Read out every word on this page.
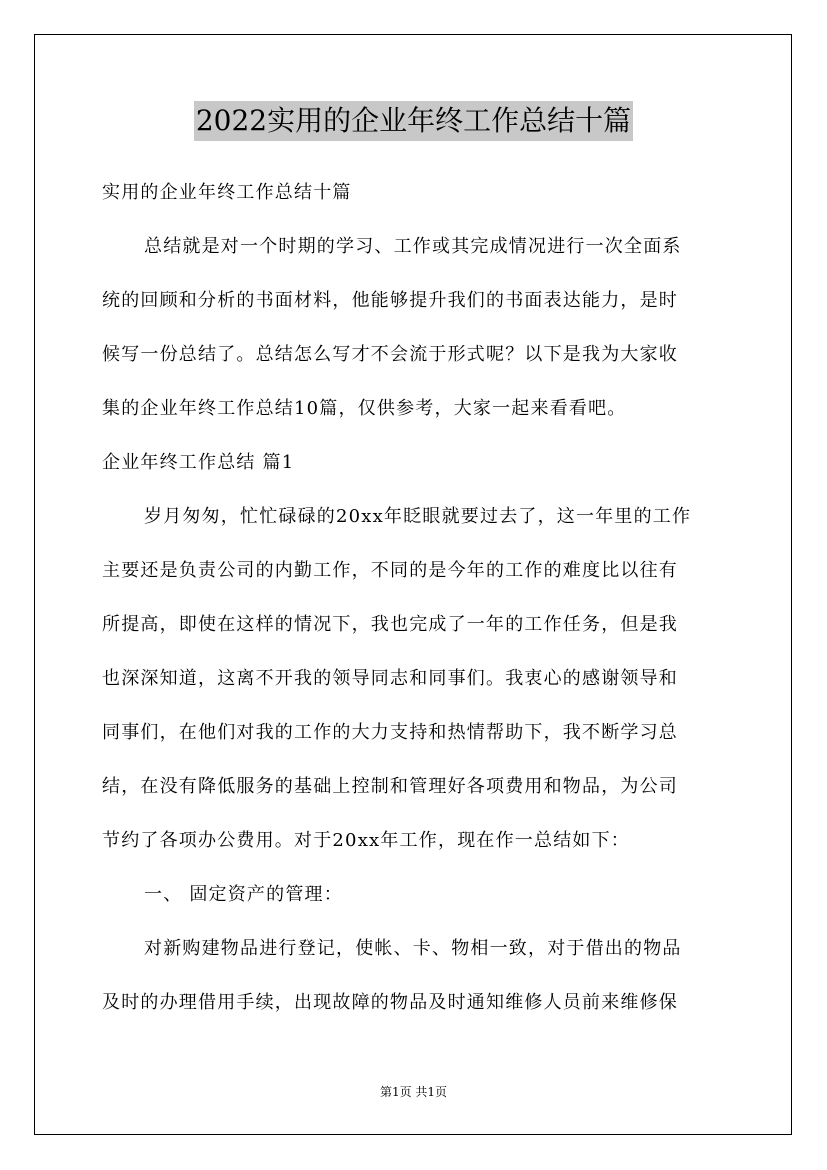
2022实用的企业年终工作总结十篇
实用的企业年终工作总结十篇
总结就是对一个时期的学习、工作或其完成情况进行一次全面系
统的回顾和分析的书面材料，他能够提升我们的书面表达能力，是时
候写一份总结了。总结怎么写才不会流于形式呢？以下是我为大家收
集的企业年终工作总结10篇，仅供参考，大家一起来看看吧。
企业年终工作总结 篇1
岁月匆匆，忙忙碌碌的20xx年眨眼就要过去了，这一年里的工作
主要还是负责公司的内勤工作，不同的是今年的工作的难度比以往有
所提高，即使在这样的情况下，我也完成了一年的工作任务，但是我
也深深知道，这离不开我的领导同志和同事们。我衷心的感谢领导和
同事们，在他们对我的工作的大力支持和热情帮助下，我不断学习总
结，在没有降低服务的基础上控制和管理好各项费用和物品，为公司
节约了各项办公费用。对于20xx年工作，现在作一总结如下：
一、 固定资产的管理：
对新购建物品进行登记，使帐、卡、物相一致，对于借出的物品
及时的办理借用手续，出现故障的物品及时通知维修人员前来维修保
第1页 共1页
